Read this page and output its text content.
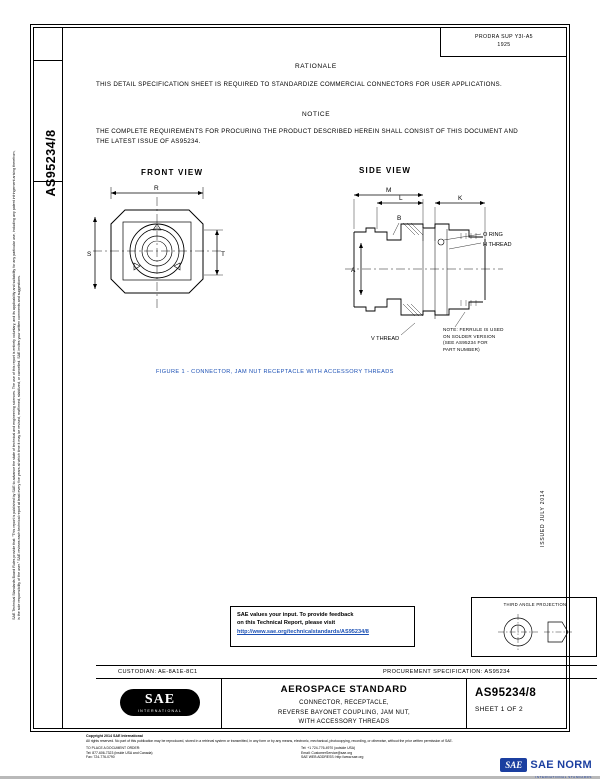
AS95234/8
SAE Technical Standards Board Rules provide that: "This report is published by SAE to advance the state of technical and engineering sciences. The use of this report is entirely voluntary, and its applicability and suitability for any particular use, including any patent infringement arising therefrom, is the sole responsibility of the user." SAE reviews each technical report at least every five years at which time it may be revised, reaffirmed, stabilized, or cancelled. SAE invites your written comments and suggestions.
PRODRA SUP Y3I-A5
1925
RATIONALE
THIS DETAIL SPECIFICATION SHEET IS REQUIRED TO STANDARDIZE COMMERCIAL CONNECTORS FOR USER APPLICATIONS.
NOTICE
THE COMPLETE REQUIREMENTS FOR PROCURING THE PRODUCT DESCRIBED HEREIN SHALL CONSIST OF THIS DOCUMENT AND THE LATEST ISSUE OF AS95234.
FRONT VIEW	SIDE VIEW
R
S	T
M
L	K
B
A
O RING
H THREAD
V THREAD
NOTE: FERRULE IS USED
ON SOLDER VERSION
(SEE AS95234 FOR
PART NUMBER)
FIGURE 1 - CONNECTOR, JAM NUT RECEPTACLE WITH ACCESSORY THREADS
SAE values your input. To provide feedback
on this Technical Report, please visit
http://www.sae.org/technicalstandards/AS95234/8
THIRD ANGLE PROJECTION
ISSUED JULY 2014
CUSTODIAN: AE-8A1E-8C1	PROCUREMENT SPECIFICATION: AS95234
SAE
INTERNATIONAL
AEROSPACE STANDARD
CONNECTOR, RECEPTACLE,
REVERSE BAYONET COUPLING, JAM NUT,
WITH ACCESSORY THREADS
AS95234/8
SHEET 1 OF 2
Copyright 2014 SAE International
All rights reserved. No part of this publication may be reproduced, stored in a retrieval system or transmitted, in any form or by any means, electronic, mechanical, photocopying, recording, or otherwise, without the prior written permission of SAE.
TO PLACE A DOCUMENT ORDER:
Tel: 877-606-7323 (inside USA and Canada)
Fax: 724-776-0790
Tel: +1 724-776-4970 (outside USA)
Email: CustomerService@sae.org
SAE WEB ADDRESS: http://www.sae.org
SAE SAE NORM
INTERNATIONAL STANDARDS
